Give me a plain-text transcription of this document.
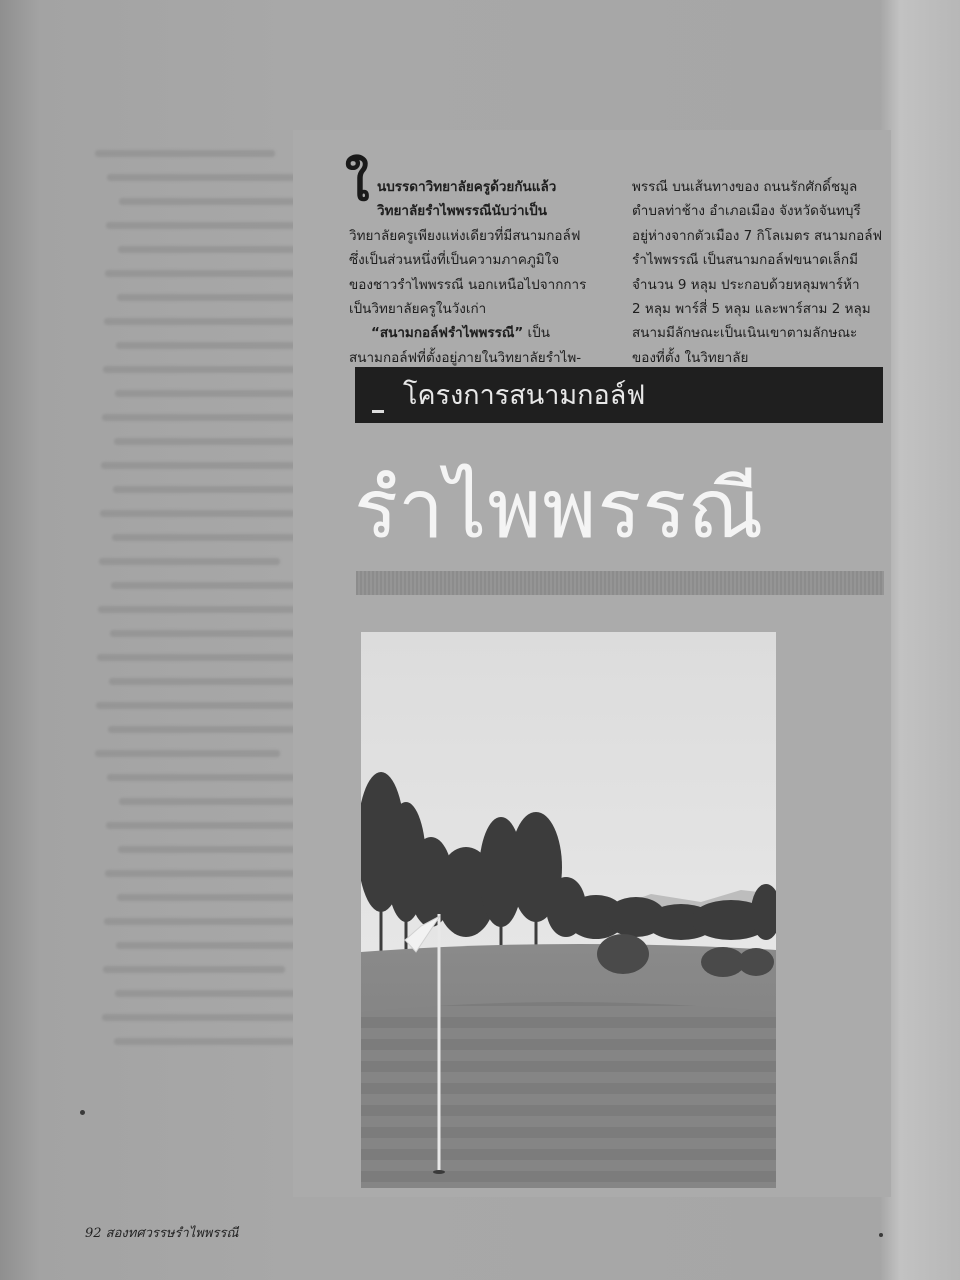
ใ นบรรดาวิทยาลัยครูด้วยกันแล้ว
วิทยาลัยรำไพพรรณีนับว่าเป็น
วิทยาลัยครูเพียงแห่งเดียวที่มีสนามกอล์ฟ
ซึ่งเป็นส่วนหนึ่งที่เป็นความภาคภูมิใจ
ของชาวรำไพพรรณี นอกเหนือไปจากการ
เป็นวิทยาลัยครูในวังเก่า
“สนามกอล์ฟรำไพพรรณี” เป็น
สนามกอล์ฟที่ตั้งอยู่ภายในวิทยาลัยรำไพ-
พรรณี บนเส้นทางของ ถนนรักศักดิ์ชมูล
ตำบลท่าช้าง อำเภอเมือง จังหวัดจันทบุรี
อยู่ห่างจากตัวเมือง 7 กิโลเมตร สนามกอล์ฟ
รำไพพรรณี เป็นสนามกอล์ฟขนาดเล็กมี
จำนวน 9 หลุม ประกอบด้วยหลุมพาร์ห้า
2 หลุม พาร์สี่ 5 หลุม และพาร์สาม 2 หลุม
สนามมีลักษณะเป็นเนินเขาตามลักษณะ
ของที่ตั้ง ในวิทยาลัย
โครงการสนามกอล์ฟ
รำไพพรรณี
92 สองทศวรรษรำไพพรรณี
